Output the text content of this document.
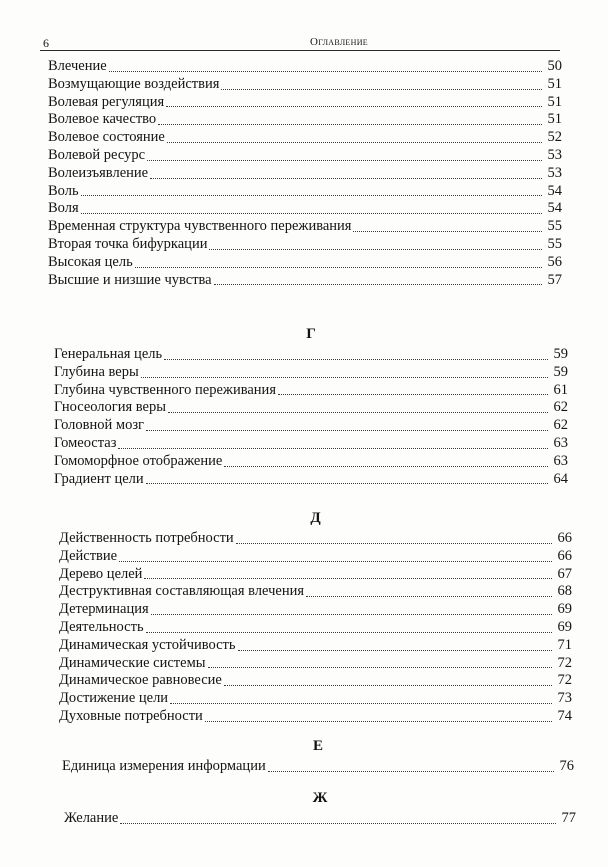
6	Оглавление
Влечение	50
Возмущающие воздействия	51
Волевая регуляция	51
Волевое качество	51
Волевое состояние	52
Волевой ресурс	53
Волеизъявление	53
Воль	54
Воля	54
Временная структура чувственного переживания	55
Вторая точка бифуркации	55
Высокая цель	56
Высшие и низшие чувства	57
Г
Генеральная цель	59
Глубина веры	59
Глубина чувственного переживания	61
Гносеология веры	62
Головной мозг	62
Гомеостаз	63
Гомоморфное отображение	63
Градиент цели	64
Д
Действенность потребности	66
Действие	66
Дерево целей	67
Деструктивная составляющая влечения	68
Детерминация	69
Деятельность	69
Динамическая устойчивость	71
Динамические системы	72
Динамическое равновесие	72
Достижение цели	73
Духовные потребности	74
Е
Единица измерения информации	76
Ж
Желание	77
